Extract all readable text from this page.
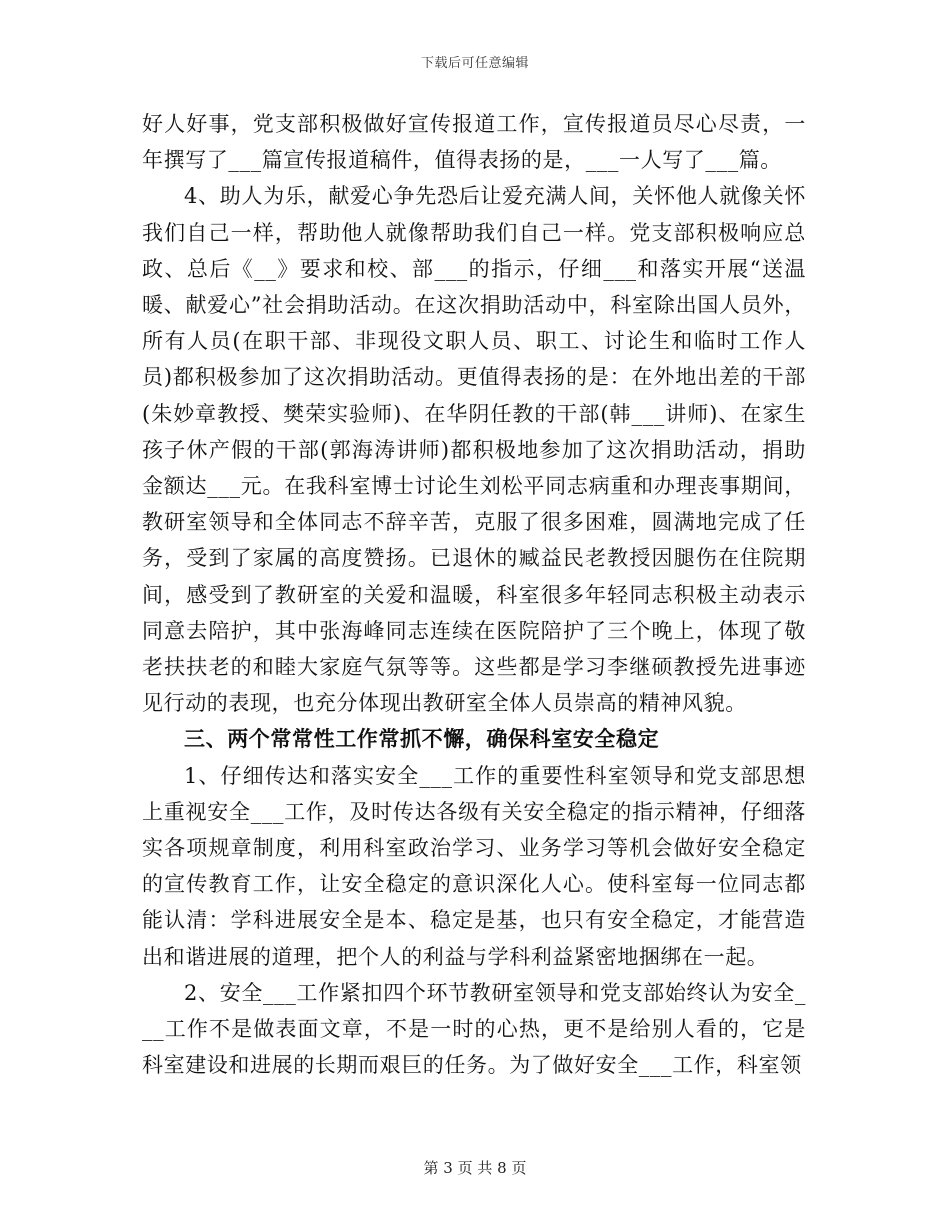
下载后可任意编辑

好人好事，党支部积极做好宣传报道工作，宣传报道员尽心尽责，一年撰写了___篇宣传报道稿件，值得表扬的是，___一人写了___篇。

4、助人为乐，献爱心争先恐后让爱充满人间，关怀他人就像关怀我们自己一样，帮助他人就像帮助我们自己一样。党支部积极响应总政、总后《__》要求和校、部___的指示，仔细___和落实开展“送温暖、献爱心”社会捐助活动。在这次捐助活动中，科室除出国人员外，所有人员(在职干部、非现役文职人员、职工、讨论生和临时工作人员)都积极参加了这次捐助活动。更值得表扬的是：在外地出差的干部(朱妙章教授、樊荣实验师)、在华阴任教的干部(韩___讲师)、在家生孩子休产假的干部(郭海涛讲师)都积极地参加了这次捐助活动，捐助金额达___元。在我科室博士讨论生刘松平同志病重和办理丧事期间，教研室领导和全体同志不辞辛苦，克服了很多困难，圆满地完成了任务，受到了家属的高度赞扬。已退休的臧益民老教授因腿伤在住院期间，感受到了教研室的关爱和温暖，科室很多年轻同志积极主动表示同意去陪护，其中张海峰同志连续在医院陪护了三个晚上，体现了敬老扶扶老的和睦大家庭气氛等等。这些都是学习李继硕教授先进事迹见行动的表现，也充分体现出教研室全体人员崇高的精神风貌。

三、两个常常性工作常抓不懈，确保科室安全稳定

1、仔细传达和落实安全___工作的重要性科室领导和党支部思想上重视安全___工作，及时传达各级有关安全稳定的指示精神，仔细落实各项规章制度，利用科室政治学习、业务学习等机会做好安全稳定的宣传教育工作，让安全稳定的意识深化人心。使科室每一位同志都能认清：学科进展安全是本、稳定是基，也只有安全稳定，才能营造出和谐进展的道理，把个人的利益与学科利益紧密地捆绑在一起。

2、安全___工作紧扣四个环节教研室领导和党支部始终认为安全___工作不是做表面文章，不是一时的心热，更不是给别人看的，它是科室建设和进展的长期而艰巨的任务。为了做好安全___工作，科室领

第 3 页 共 8 页
